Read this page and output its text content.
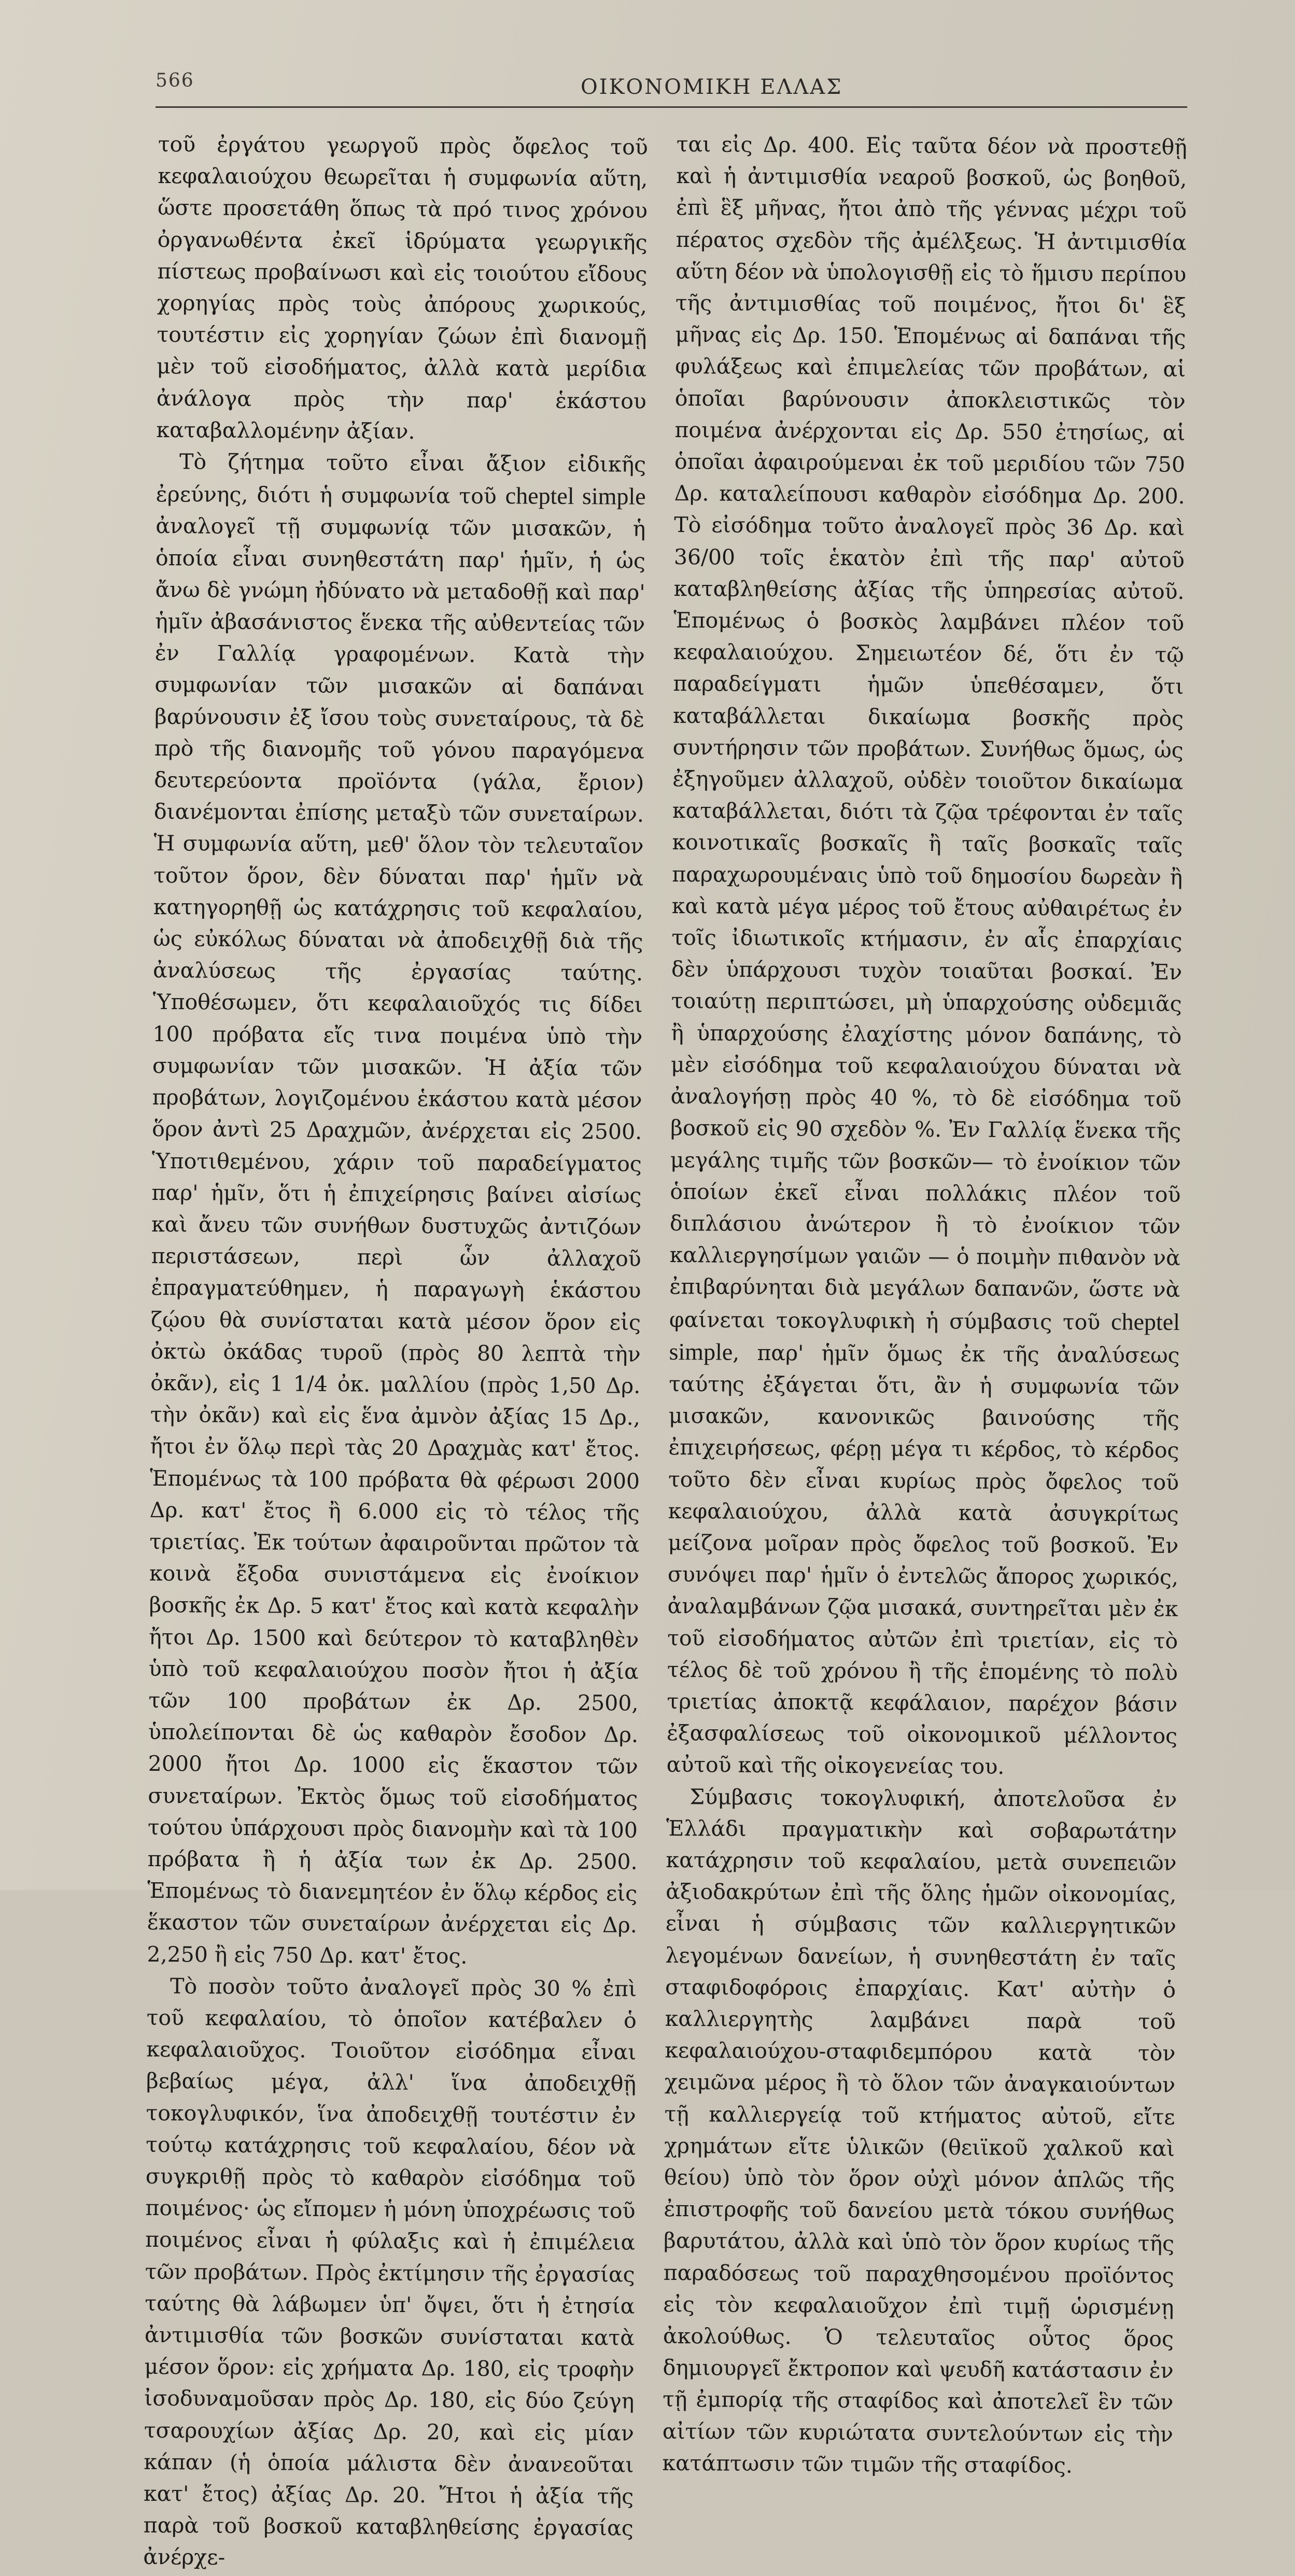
566	ΟΙΚΟΝΟΜΙΚΗ ΕΛΛΑΣ

τοῦ ἐργάτου γεωργοῦ πρὸς ὄφελος τοῦ κεφαλαιούχου θεωρεῖται ἡ συμφωνία αὕτη, ὥστε προσετάθη ὅπως τὰ πρό τινος χρόνου ὀργανωθέντα ἐκεῖ ἱδρύματα γεωργικῆς πίστεως προβαίνωσι καὶ εἰς τοιούτου εἴδους χορηγίας πρὸς τοὺς ἀπόρους χωρικούς, τουτέστιν εἰς χορηγίαν ζώων ἐπὶ διανομῇ μὲν τοῦ εἰσοδήματος, ἀλλὰ κατὰ μερίδια ἀνάλογα πρὸς τὴν παρ' ἑκάστου καταβαλλομένην ἀξίαν.

Τὸ ζήτημα τοῦτο εἶναι ἄξιον εἰδικῆς ἐρεύνης, διότι ἡ συμφωνία τοῦ cheptel simple ἀναλογεῖ τῇ συμφωνίᾳ τῶν μισακῶν, ἡ ὁποία εἶναι συνηθεστάτη παρ' ἡμῖν, ἡ ὡς ἄνω δὲ γνώμη ἠδύνατο νὰ μεταδοθῇ καὶ παρ' ἡμῖν ἀβασάνιστος ἕνεκα τῆς αὐθεντείας τῶν ἐν Γαλλίᾳ γραφομένων. Κατὰ τὴν συμφωνίαν τῶν μισακῶν αἱ δαπάναι βαρύνουσιν ἐξ ἴσου τοὺς συνεταίρους, τὰ δὲ πρὸ τῆς διανομῆς τοῦ γόνου παραγόμενα δευτερεύοντα προϊόντα (γάλα, ἔριον) διανέμονται ἐπίσης μεταξὺ τῶν συνεταίρων. Ἡ συμφωνία αὕτη, μεθ' ὅλον τὸν τελευταῖον τοῦτον ὅρον, δὲν δύναται παρ' ἡμῖν νὰ κατηγορηθῇ ὡς κατάχρησις τοῦ κεφαλαίου, ὡς εὐκόλως δύναται νὰ ἀποδειχθῇ διὰ τῆς ἀναλύσεως τῆς ἐργασίας ταύτης. Ὑποθέσωμεν, ὅτι κεφαλαιοῦχός τις δίδει 100 πρόβατα εἴς τινα ποιμένα ὑπὸ τὴν συμφωνίαν τῶν μισακῶν. Ἡ ἀξία τῶν προβάτων, λογιζομένου ἑκάστου κατὰ μέσον ὅρον ἀντὶ 25 Δραχμῶν, ἀνέρχεται εἰς 2500. Ὑποτιθεμένου, χάριν τοῦ παραδείγματος παρ' ἡμῖν, ὅτι ἡ ἐπιχείρησις βαίνει αἰσίως καὶ ἄνευ τῶν συνήθων δυστυχῶς ἀντιζόων περιστάσεων, περὶ ὧν ἀλλαχοῦ ἐπραγματεύθημεν, ἡ παραγωγὴ ἑκάστου ζῴου θὰ συνίσταται κατὰ μέσον ὅρον εἰς ὀκτὼ ὀκάδας τυροῦ (πρὸς 80 λεπτὰ τὴν ὀκᾶν), εἰς 1 1/4 ὀκ. μαλλίου (πρὸς 1,50 Δρ. τὴν ὀκᾶν) καὶ εἰς ἕνα ἀμνὸν ἀξίας 15 Δρ., ἤτοι ἐν ὅλῳ περὶ τὰς 20 Δραχμὰς κατ' ἔτος. Ἑπομένως τὰ 100 πρόβατα θὰ φέρωσι 2000 Δρ. κατ' ἔτος ἢ 6.000 εἰς τὸ τέλος τῆς τριετίας. Ἐκ τούτων ἀφαιροῦνται πρῶτον τὰ κοινὰ ἔξοδα συνιστάμενα εἰς ἐνοίκιον βοσκῆς ἐκ Δρ. 5 κατ' ἔτος καὶ κατὰ κεφαλὴν ἤτοι Δρ. 1500 καὶ δεύτερον τὸ καταβληθὲν ὑπὸ τοῦ κεφαλαιούχου ποσὸν ἤτοι ἡ ἀξία τῶν 100 προβάτων ἐκ Δρ. 2500, ὑπολείπονται δὲ ὡς καθαρὸν ἔσοδον Δρ. 2000 ἤτοι Δρ. 1000 εἰς ἕκαστον τῶν συνεταίρων. Ἐκτὸς ὅμως τοῦ εἰσοδήματος τούτου ὑπάρχουσι πρὸς διανομὴν καὶ τὰ 100 πρόβατα ἢ ἡ ἀξία των ἐκ Δρ. 2500. Ἑπομένως τὸ διανεμητέον ἐν ὅλῳ κέρδος εἰς ἕκαστον τῶν συνεταίρων ἀνέρχεται εἰς Δρ. 2,250 ἢ εἰς 750 Δρ. κατ' ἔτος.

Τὸ ποσὸν τοῦτο ἀναλογεῖ πρὸς 30 % ἐπὶ τοῦ κεφαλαίου, τὸ ὁποῖον κατέβαλεν ὁ κεφαλαιοῦχος. Τοιοῦτον εἰσόδημα εἶναι βεβαίως μέγα, ἀλλ' ἵνα ἀποδειχθῇ τοκογλυφικόν, ἵνα ἀποδειχθῇ τουτέστιν ἐν τούτῳ κατάχρησις τοῦ κεφαλαίου, δέον νὰ συγκριθῇ πρὸς τὸ καθαρὸν εἰσόδημα τοῦ ποιμένος· ὡς εἴπομεν ἡ μόνη ὑποχρέωσις τοῦ ποιμένος εἶναι ἡ φύλαξις καὶ ἡ ἐπιμέλεια τῶν προβάτων. Πρὸς ἐκτίμησιν τῆς ἐργασίας ταύτης θὰ λάβωμεν ὑπ' ὄψει, ὅτι ἡ ἐτησία ἀντιμισθία τῶν βοσκῶν συνίσταται κατὰ μέσον ὅρον: εἰς χρήματα Δρ. 180, εἰς τροφὴν ἰσοδυναμοῦσαν πρὸς Δρ. 180, εἰς δύο ζεύγη τσαρουχίων ἀξίας Δρ. 20, καὶ εἰς μίαν κάπαν (ἡ ὁποία μάλιστα δὲν ἀνανεοῦται κατ' ἔτος) ἀξίας Δρ. 20. Ἤτοι ἡ ἀξία τῆς παρὰ τοῦ βοσκοῦ καταβληθείσης ἐργασίας ἀνέρχε-

ται εἰς Δρ. 400. Εἰς ταῦτα δέον νὰ προστεθῇ καὶ ἡ ἀντιμισθία νεαροῦ βοσκοῦ, ὡς βοηθοῦ, ἐπὶ ἓξ μῆνας, ἤτοι ἀπὸ τῆς γέννας μέχρι τοῦ πέρατος σχεδὸν τῆς ἀμέλξεως. Ἡ ἀντιμισθία αὕτη δέον νὰ ὑπολογισθῇ εἰς τὸ ἥμισυ περίπου τῆς ἀντιμισθίας τοῦ ποιμένος, ἤτοι δι' ἓξ μῆνας εἰς Δρ. 150. Ἑπομένως αἱ δαπάναι τῆς φυλάξεως καὶ ἐπιμελείας τῶν προβάτων, αἱ ὁποῖαι βαρύνουσιν ἀποκλειστικῶς τὸν ποιμένα ἀνέρχονται εἰς Δρ. 550 ἐτησίως, αἱ ὁποῖαι ἀφαιρούμεναι ἐκ τοῦ μεριδίου τῶν 750 Δρ. καταλείπουσι καθαρὸν εἰσόδημα Δρ. 200. Τὸ εἰσόδημα τοῦτο ἀναλογεῖ πρὸς 36 Δρ. καὶ 36/00 τοῖς ἑκατὸν ἐπὶ τῆς παρ' αὐτοῦ καταβληθείσης ἀξίας τῆς ὑπηρεσίας αὐτοῦ. Ἑπομένως ὁ βοσκὸς λαμβάνει πλέον τοῦ κεφαλαιούχου. Σημειωτέον δέ, ὅτι ἐν τῷ παραδείγματι ἡμῶν ὑπεθέσαμεν, ὅτι καταβάλλεται δικαίωμα βοσκῆς πρὸς συντήρησιν τῶν προβάτων. Συνήθως ὅμως, ὡς ἐξηγοῦμεν ἀλλαχοῦ, οὐδὲν τοιοῦτον δικαίωμα καταβάλλεται, διότι τὰ ζῷα τρέφονται ἐν ταῖς κοινοτικαῖς βοσκαῖς ἢ ταῖς βοσκαῖς ταῖς παραχωρουμέναις ὑπὸ τοῦ δημοσίου δωρεὰν ἢ καὶ κατὰ μέγα μέρος τοῦ ἔτους αὐθαιρέτως ἐν τοῖς ἰδιωτικοῖς κτήμασιν, ἐν αἷς ἐπαρχίαις δὲν ὑπάρχουσι τυχὸν τοιαῦται βοσκαί. Ἐν τοιαύτῃ περιπτώσει, μὴ ὑπαρχούσης οὐδεμιᾶς ἢ ὑπαρχούσης ἐλαχίστης μόνον δαπάνης, τὸ μὲν εἰσόδημα τοῦ κεφαλαιούχου δύναται νὰ ἀναλογήσῃ πρὸς 40 %, τὸ δὲ εἰσόδημα τοῦ βοσκοῦ εἰς 90 σχεδὸν %. Ἐν Γαλλίᾳ ἕνεκα τῆς μεγάλης τιμῆς τῶν βοσκῶν— τὸ ἐνοίκιον τῶν ὁποίων ἐκεῖ εἶναι πολλάκις πλέον τοῦ διπλάσιου ἀνώτερον ἢ τὸ ἐνοίκιον τῶν καλλιεργησίμων γαιῶν — ὁ ποιμὴν πιθανὸν νὰ ἐπιβαρύνηται διὰ μεγάλων δαπανῶν, ὥστε νὰ φαίνεται τοκογλυφικὴ ἡ σύμβασις τοῦ cheptel simple, παρ' ἡμῖν ὅμως ἐκ τῆς ἀναλύσεως ταύτης ἐξάγεται ὅτι, ἂν ἡ συμφωνία τῶν μισακῶν, κανονικῶς βαινούσης τῆς ἐπιχειρήσεως, φέρῃ μέγα τι κέρδος, τὸ κέρδος τοῦτο δὲν εἶναι κυρίως πρὸς ὄφελος τοῦ κεφαλαιούχου, ἀλλὰ κατὰ ἀσυγκρίτως μείζονα μοῖραν πρὸς ὄφελος τοῦ βοσκοῦ. Ἐν συνόψει παρ' ἡμῖν ὁ ἐντελῶς ἄπορος χωρικός, ἀναλαμβάνων ζῷα μισακά, συντηρεῖται μὲν ἐκ τοῦ εἰσοδήματος αὐτῶν ἐπὶ τριετίαν, εἰς τὸ τέλος δὲ τοῦ χρόνου ἢ τῆς ἑπομένης τὸ πολὺ τριετίας ἀποκτᾷ κεφάλαιον, παρέχον βάσιν ἐξασφαλίσεως τοῦ οἰκονομικοῦ μέλλοντος αὐτοῦ καὶ τῆς οἰκογενείας του.

Σύμβασις τοκογλυφική, ἀποτελοῦσα ἐν Ἑλλάδι πραγματικὴν καὶ σοβαρωτάτην κατάχρησιν τοῦ κεφαλαίου, μετὰ συνεπειῶν ἀξιοδακρύτων ἐπὶ τῆς ὅλης ἡμῶν οἰκονομίας, εἶναι ἡ σύμβασις τῶν καλλιεργητικῶν λεγομένων δανείων, ἡ συνηθεστάτη ἐν ταῖς σταφιδοφόροις ἐπαρχίαις. Κατ' αὐτὴν ὁ καλλιεργητὴς λαμβάνει παρὰ τοῦ κεφαλαιούχου-σταφιδεμπόρου κατὰ τὸν χειμῶνα μέρος ἢ τὸ ὅλον τῶν ἀναγκαιούντων τῇ καλλιεργείᾳ τοῦ κτήματος αὐτοῦ, εἴτε χρημάτων εἴτε ὑλικῶν (θειϊκοῦ χαλκοῦ καὶ θείου) ὑπὸ τὸν ὅρον οὐχὶ μόνον ἁπλῶς τῆς ἐπιστροφῆς τοῦ δανείου μετὰ τόκου συνήθως βαρυτάτου, ἀλλὰ καὶ ὑπὸ τὸν ὅρον κυρίως τῆς παραδόσεως τοῦ παραχθησομένου προϊόντος εἰς τὸν κεφαλαιοῦχον ἐπὶ τιμῇ ὡρισμένῃ ἀκολούθως. Ὁ τελευταῖος οὗτος ὅρος δημιουργεῖ ἔκτροπον καὶ ψευδῆ κατάστασιν ἐν τῇ ἐμπορίᾳ τῆς σταφίδος καὶ ἀποτελεῖ ἓν τῶν αἰτίων τῶν κυριώτατα συντελούντων εἰς τὴν κατάπτωσιν τῶν τιμῶν τῆς σταφίδος.
